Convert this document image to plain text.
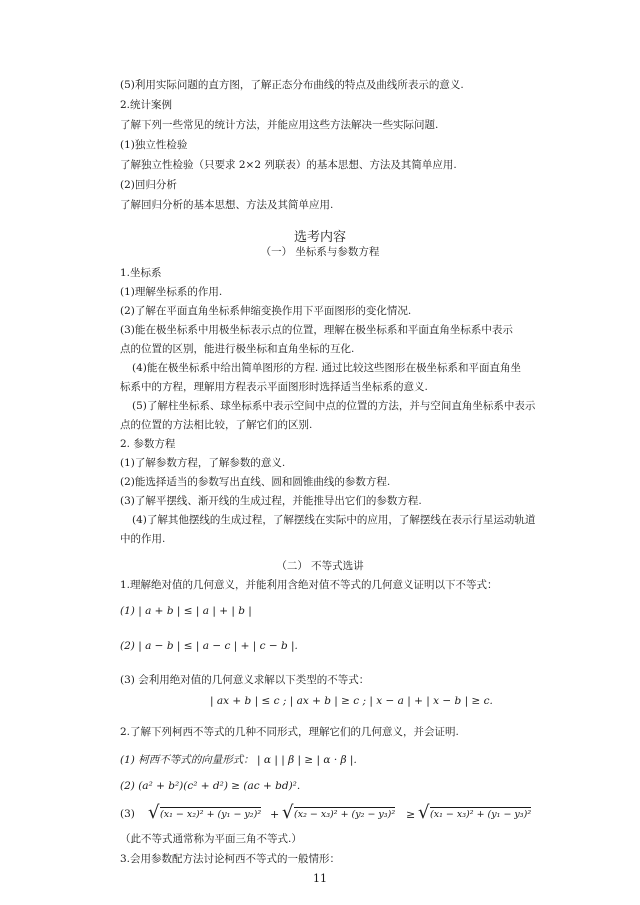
(5)利用实际问题的直方图，了解正态分布曲线的特点及曲线所表示的意义.
2.统计案例
了解下列一些常见的统计方法，并能应用这些方法解决一些实际问题.
(1)独立性检验
了解独立性检验（只要求 2×2 列联表）的基本思想、方法及其简单应用.
(2)回归分析
了解回归分析的基本思想、方法及其简单应用.
选考内容
（一） 坐标系与参数方程
1.坐标系
(1)理解坐标系的作用.
(2)了解在平面直角坐标系伸缩变换作用下平面图形的变化情况.
(3)能在极坐标系中用极坐标表示点的位置，理解在极坐标系和平面直角坐标系中表示
点的位置的区别，能进行极坐标和直角坐标的互化.
(4)能在极坐标系中给出简单图形的方程. 通过比较这些图形在极坐标系和平面直角坐
标系中的方程，理解用方程表示平面图形时选择适当坐标系的意义.
(5)了解柱坐标系、球坐标系中表示空间中点的位置的方法，并与空间直角坐标系中表示
点的位置的方法相比较，了解它们的区别.
2. 参数方程
(1)了解参数方程，了解参数的意义.
(2)能选择适当的参数写出直线、圆和圆锥曲线的参数方程.
(3)了解平摆线、渐开线的生成过程，并能推导出它们的参数方程.
(4)了解其他摆线的生成过程，了解摆线在实际中的应用，了解摆线在表示行星运动轨道
中的作用.
（二） 不等式选讲
1.理解绝对值的几何意义，并能利用含绝对值不等式的几何意义证明以下不等式：
(1) | a + b | ≤ | a | + | b |
(2) | a − b | ≤ | a − c | + | c − b |.
(3) 会利用绝对值的几何意义求解以下类型的不等式：
| ax + b | ≤ c ; | ax + b | ≥ c ; | x − a | + | x − b | ≥ c.
2.了解下列柯西不等式的几种不同形式，理解它们的几何意义，并会证明.
(1) 柯西不等式的向量形式： | α | | β | ≥ | α · β |.
(2) (a² + b²)(c² + d²) ≥ (ac + bd)².
(3) √ (x₁ − x₂)² + (y₁ − y₂)² + √ (x₂ − x₃)² + (y₂ − y₃)² ≥ √ (x₁ − x₃)² + (y₁ − y₃)²
（此不等式通常称为平面三角不等式.）
3.会用参数配方法讨论柯西不等式的一般情形：
11
